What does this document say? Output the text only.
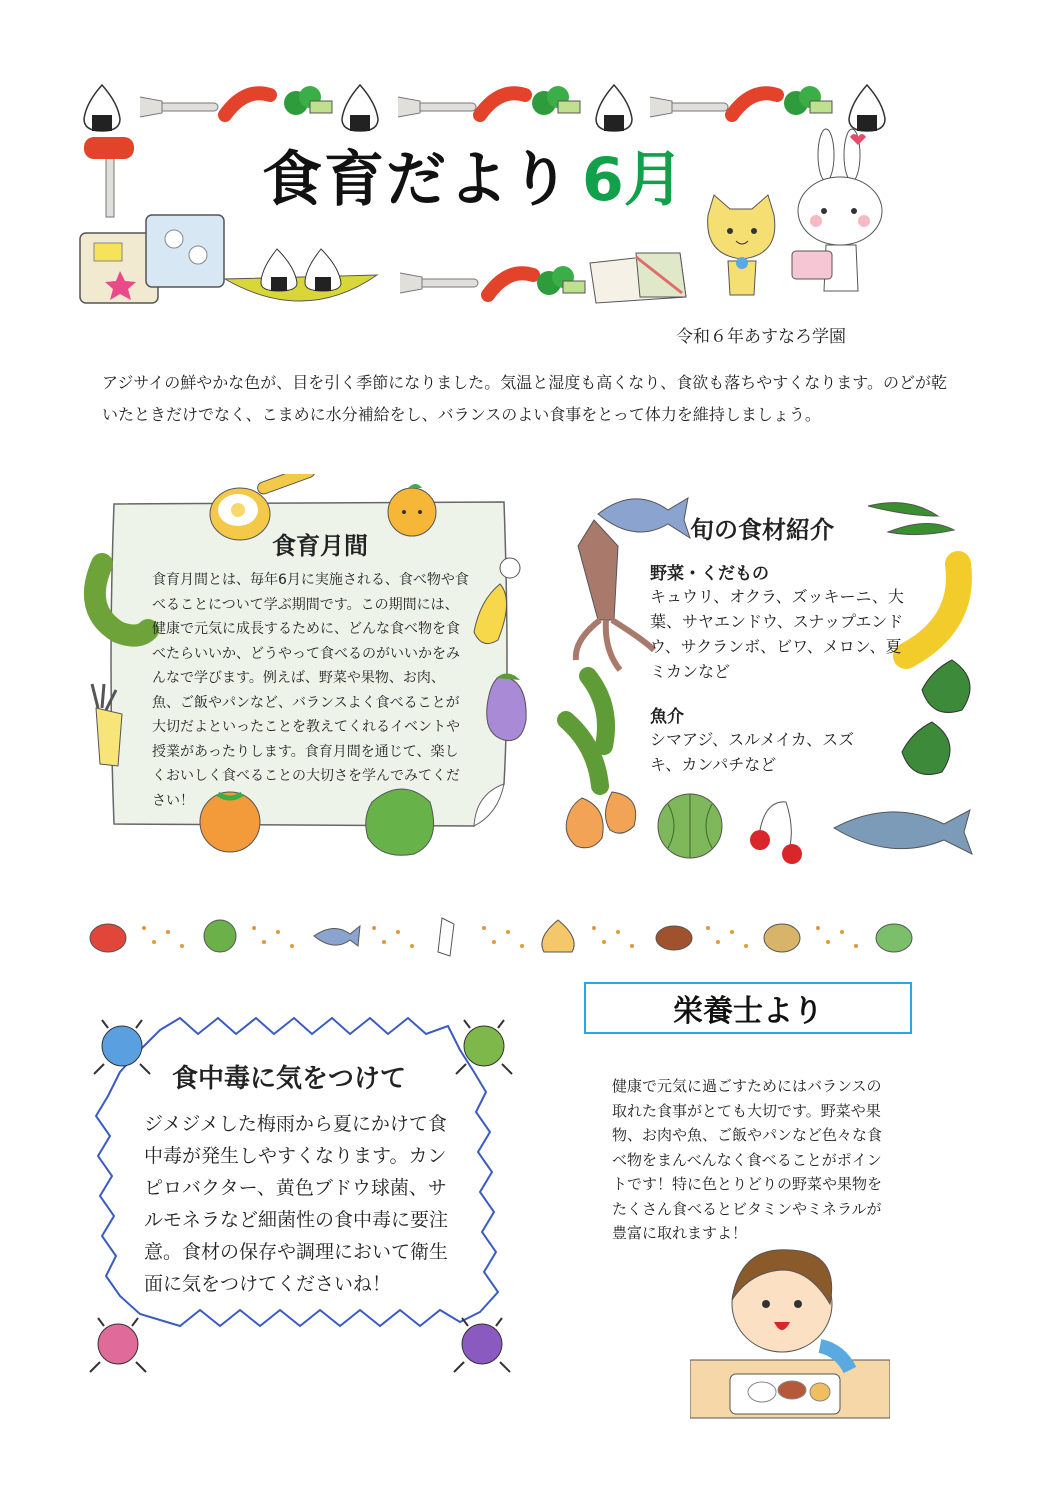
食育だより 6月
令和６年あすなろ学園
アジサイの鮮やかな色が、目を引く季節になりました。気温と湿度も高くなり、食欲も落ちやすくなります。のどが乾いたときだけでなく、こまめに水分補給をし、バランスのよい食事をとって体力を維持しましょう。
食育月間
食育月間とは、毎年6月に実施される、食べ物や食べることについて学ぶ期間です。この期間には、健康で元気に成長するために、どんな食べ物を食べたらいいか、どうやって食べるのがいいかをみんなで学びます。例えば、野菜や果物、お肉、魚、ご飯やパンなど、バランスよく食べることが大切だよといったことを教えてくれるイベントや授業があったりします。食育月間を通じて、楽しくおいしく食べることの大切さを学んでみてください！
旬の食材紹介
野菜・くだもの
キュウリ、オクラ、ズッキーニ、大葉、サヤエンドウ、スナップエンドウ、サクランボ、ビワ、メロン、夏ミカンなど
魚介
シマアジ、スルメイカ、スズキ、カンパチなど
食中毒に気をつけて
ジメジメした梅雨から夏にかけて食中毒が発生しやすくなります。カンピロバクター、黄色ブドウ球菌、サルモネラなど細菌性の食中毒に要注意。食材の保存や調理において衛生面に気をつけてくださいね！
栄養士より
健康で元気に過ごすためにはバランスの取れた食事がとても大切です。野菜や果物、お肉や魚、ご飯やパンなど色々な食べ物をまんべんなく食べることがポイントです！特に色とりどりの野菜や果物をたくさん食べるとビタミンやミネラルが豊富に取れますよ！
